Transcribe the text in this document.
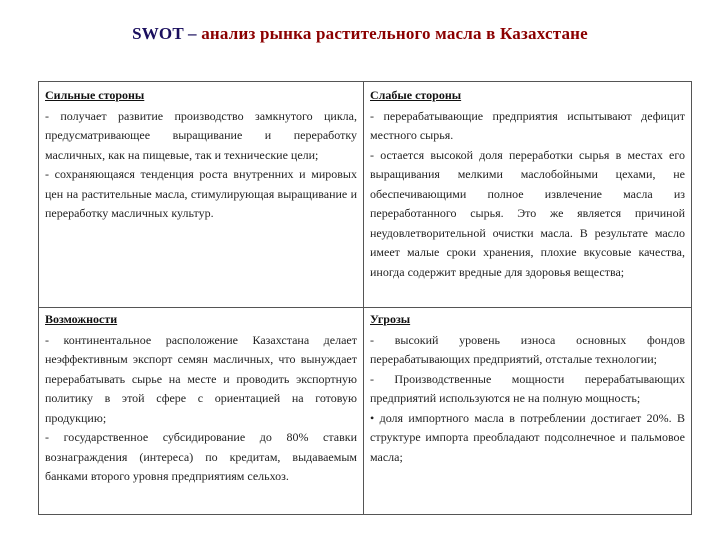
SWOT – анализ рынка растительного масла в Казахстане
Сильные стороны
- получает развитие производство замкнутого цикла, предусматривающее выращивание и переработку масличных, как на пищевые, так и технические цели;
- сохраняющаяся тенденция роста внутренних и мировых цен на растительные масла, стимулирующая выращивание и переработку масличных культур.
Слабые стороны
- перерабатывающие предприятия испытывают дефицит местного сырья.
- остается высокой доля переработки сырья в местах его выращивания мелкими маслобойными цехами, не обеспечивающими полное извлечение масла из переработанного сырья. Это же является причиной неудовлетворительной очистки масла. В результате масло имеет малые сроки хранения, плохие вкусовые качества, иногда содержит вредные для здоровья вещества;
Возможности
- континентальное расположение Казахстана делает неэффективным экспорт семян масличных, что вынуждает перерабатывать сырье на месте и проводить экспортную политику в этой сфере с ориентацией на готовую продукцию;
- государственное субсидирование до 80% ставки вознаграждения (интереса) по кредитам, выдаваемым банками второго уровня предприятиям сельхоз.
Угрозы
- высокий уровень износа основных фондов перерабатывающих предприятий, отсталые технологии;
- Производственные мощности перерабатывающих предприятий используются не на полную мощность;
• доля импортного масла в потреблении достигает 20%. В структуре импорта преобладают подсолнечное и пальмовое масла;
